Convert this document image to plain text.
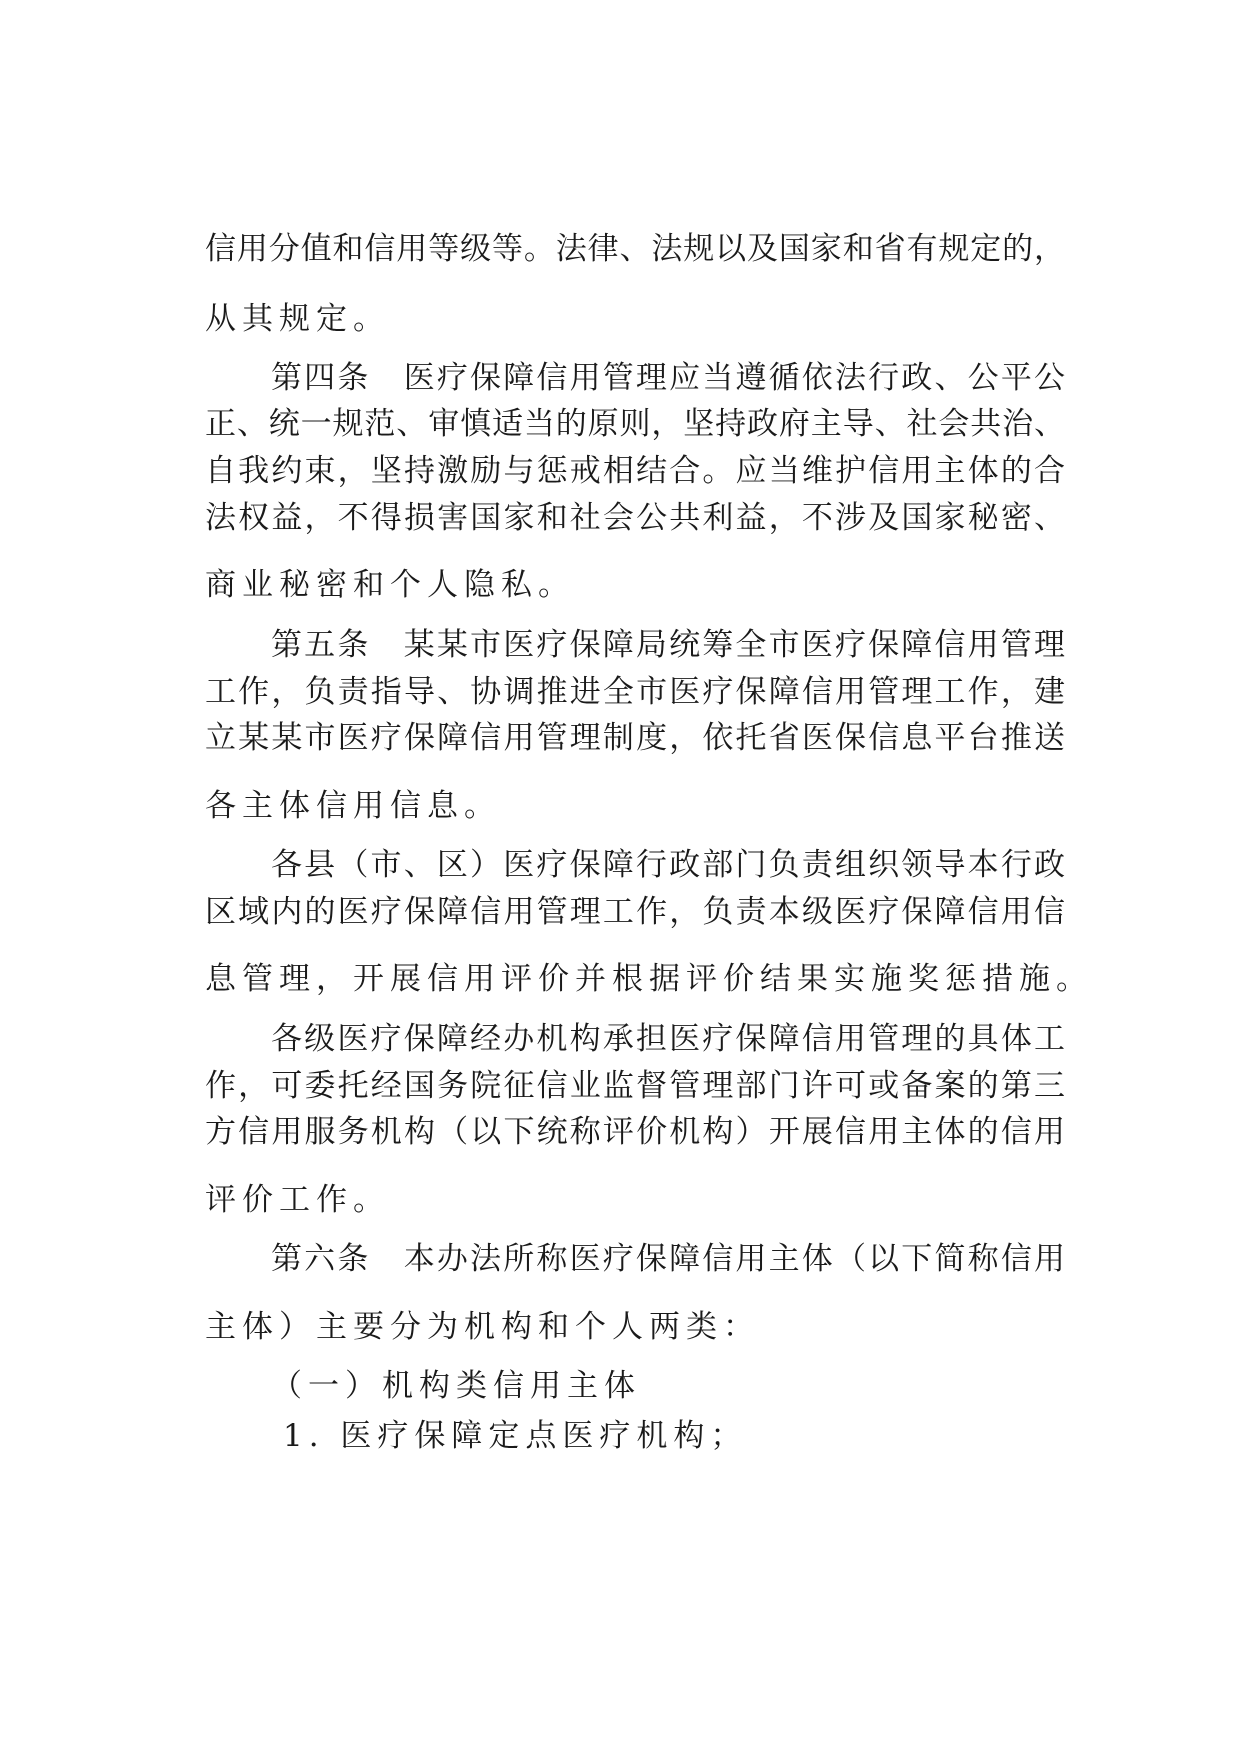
信用分值和信用等级等。法律、法规以及国家和省有规定的，
从其规定。
第四条　医疗保障信用管理应当遵循依法行政、公平公
正、统一规范、审慎适当的原则，坚持政府主导、社会共治、
自我约束，坚持激励与惩戒相结合。应当维护信用主体的合
法权益，不得损害国家和社会公共利益，不涉及国家秘密、
商业秘密和个人隐私。
第五条　某某市医疗保障局统筹全市医疗保障信用管理
工作，负责指导、协调推进全市医疗保障信用管理工作，建
立某某市医疗保障信用管理制度，依托省医保信息平台推送
各主体信用信息。
各县（市、区）医疗保障行政部门负责组织领导本行政
区域内的医疗保障信用管理工作，负责本级医疗保障信用信
息管理，开展信用评价并根据评价结果实施奖惩措施。
各级医疗保障经办机构承担医疗保障信用管理的具体工
作，可委托经国务院征信业监督管理部门许可或备案的第三
方信用服务机构（以下统称评价机构）开展信用主体的信用
评价工作。
第六条　本办法所称医疗保障信用主体（以下简称信用
主体）主要分为机构和个人两类：
（一）机构类信用主体
1. 医疗保障定点医疗机构；
